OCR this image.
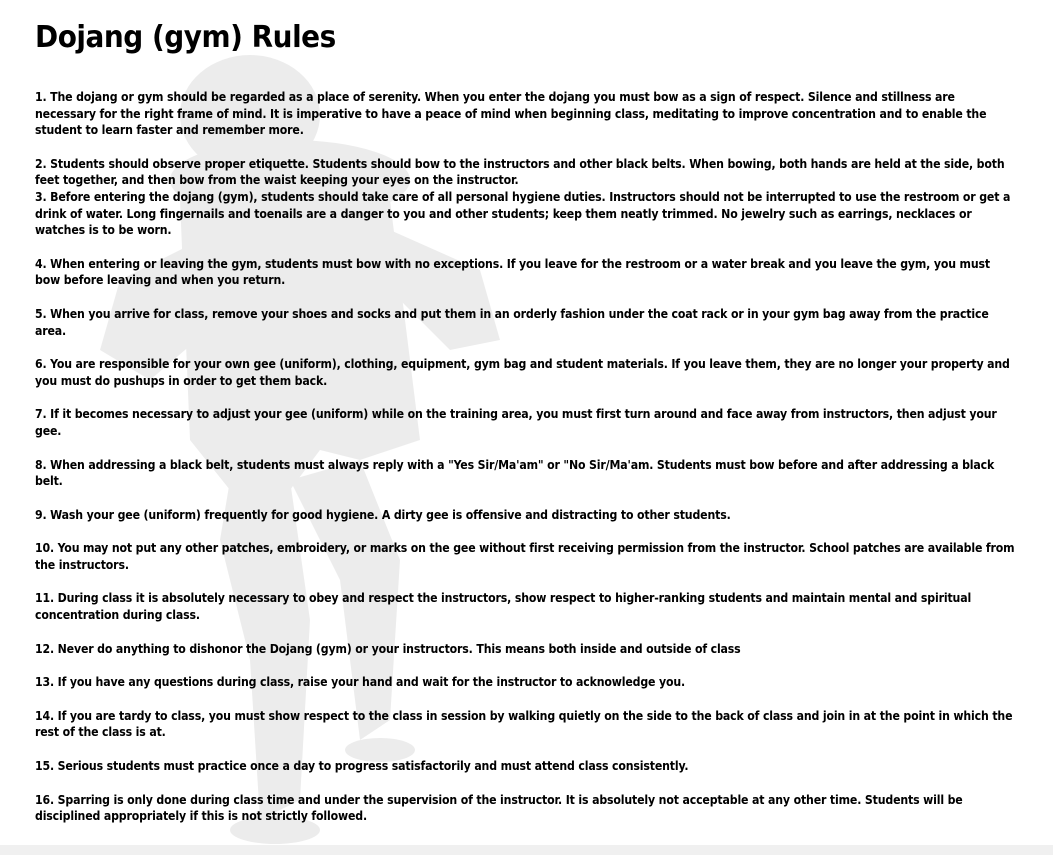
Dojang (gym) Rules

1. The dojang or gym should be regarded as a place of serenity. When you enter the dojang you must bow as a sign of respect. Silence and stillness are necessary for the right frame of mind. It is imperative to have a peace of mind when beginning class, meditating to improve concentration and to enable the student to learn faster and remember more.

2. Students should observe proper etiquette. Students should bow to the instructors and other black belts. When bowing, both hands are held at the side, both feet together, and then bow from the waist keeping your eyes on the instructor.

3. Before entering the dojang (gym), students should take care of all personal hygiene duties. Instructors should not be interrupted to use the restroom or get a drink of water. Long fingernails and toenails are a danger to you and other students; keep them neatly trimmed. No jewelry such as earrings, necklaces or watches is to be worn.

4. When entering or leaving the gym, students must bow with no exceptions. If you leave for the restroom or a water break and you leave the gym, you must bow before leaving and when you return.

5. When you arrive for class, remove your shoes and socks and put them in an orderly fashion under the coat rack or in your gym bag away from the practice area.

6. You are responsible for your own gee (uniform), clothing, equipment, gym bag and student materials. If you leave them, they are no longer your property and you must do pushups in order to get them back.

7. If it becomes necessary to adjust your gee (uniform) while on the training area, you must first turn around and face away from instructors, then adjust your gee.

8. When addressing a black belt, students must always reply with a "Yes Sir/Ma'am" or "No Sir/Ma'am. Students must bow before and after addressing a black belt.

9. Wash your gee (uniform) frequently for good hygiene. A dirty gee is offensive and distracting to other students.

10. You may not put any other patches, embroidery, or marks on the gee without first receiving permission from the instructor. School patches are available from the instructors.

11. During class it is absolutely necessary to obey and respect the instructors, show respect to higher-ranking students and maintain mental and spiritual concentration during class.

12. Never do anything to dishonor the Dojang (gym) or your instructors. This means both inside and outside of class

13. If you have any questions during class, raise your hand and wait for the instructor to acknowledge you.

14. If you are tardy to class, you must show respect to the class in session by walking quietly on the side to the back of class and join in at the point in which the rest of the class is at.

15. Serious students must practice once a day to progress satisfactorily and must attend class consistently.

16. Sparring is only done during class time and under the supervision of the instructor. It is absolutely not acceptable at any other time. Students will be disciplined appropriately if this is not strictly followed.
